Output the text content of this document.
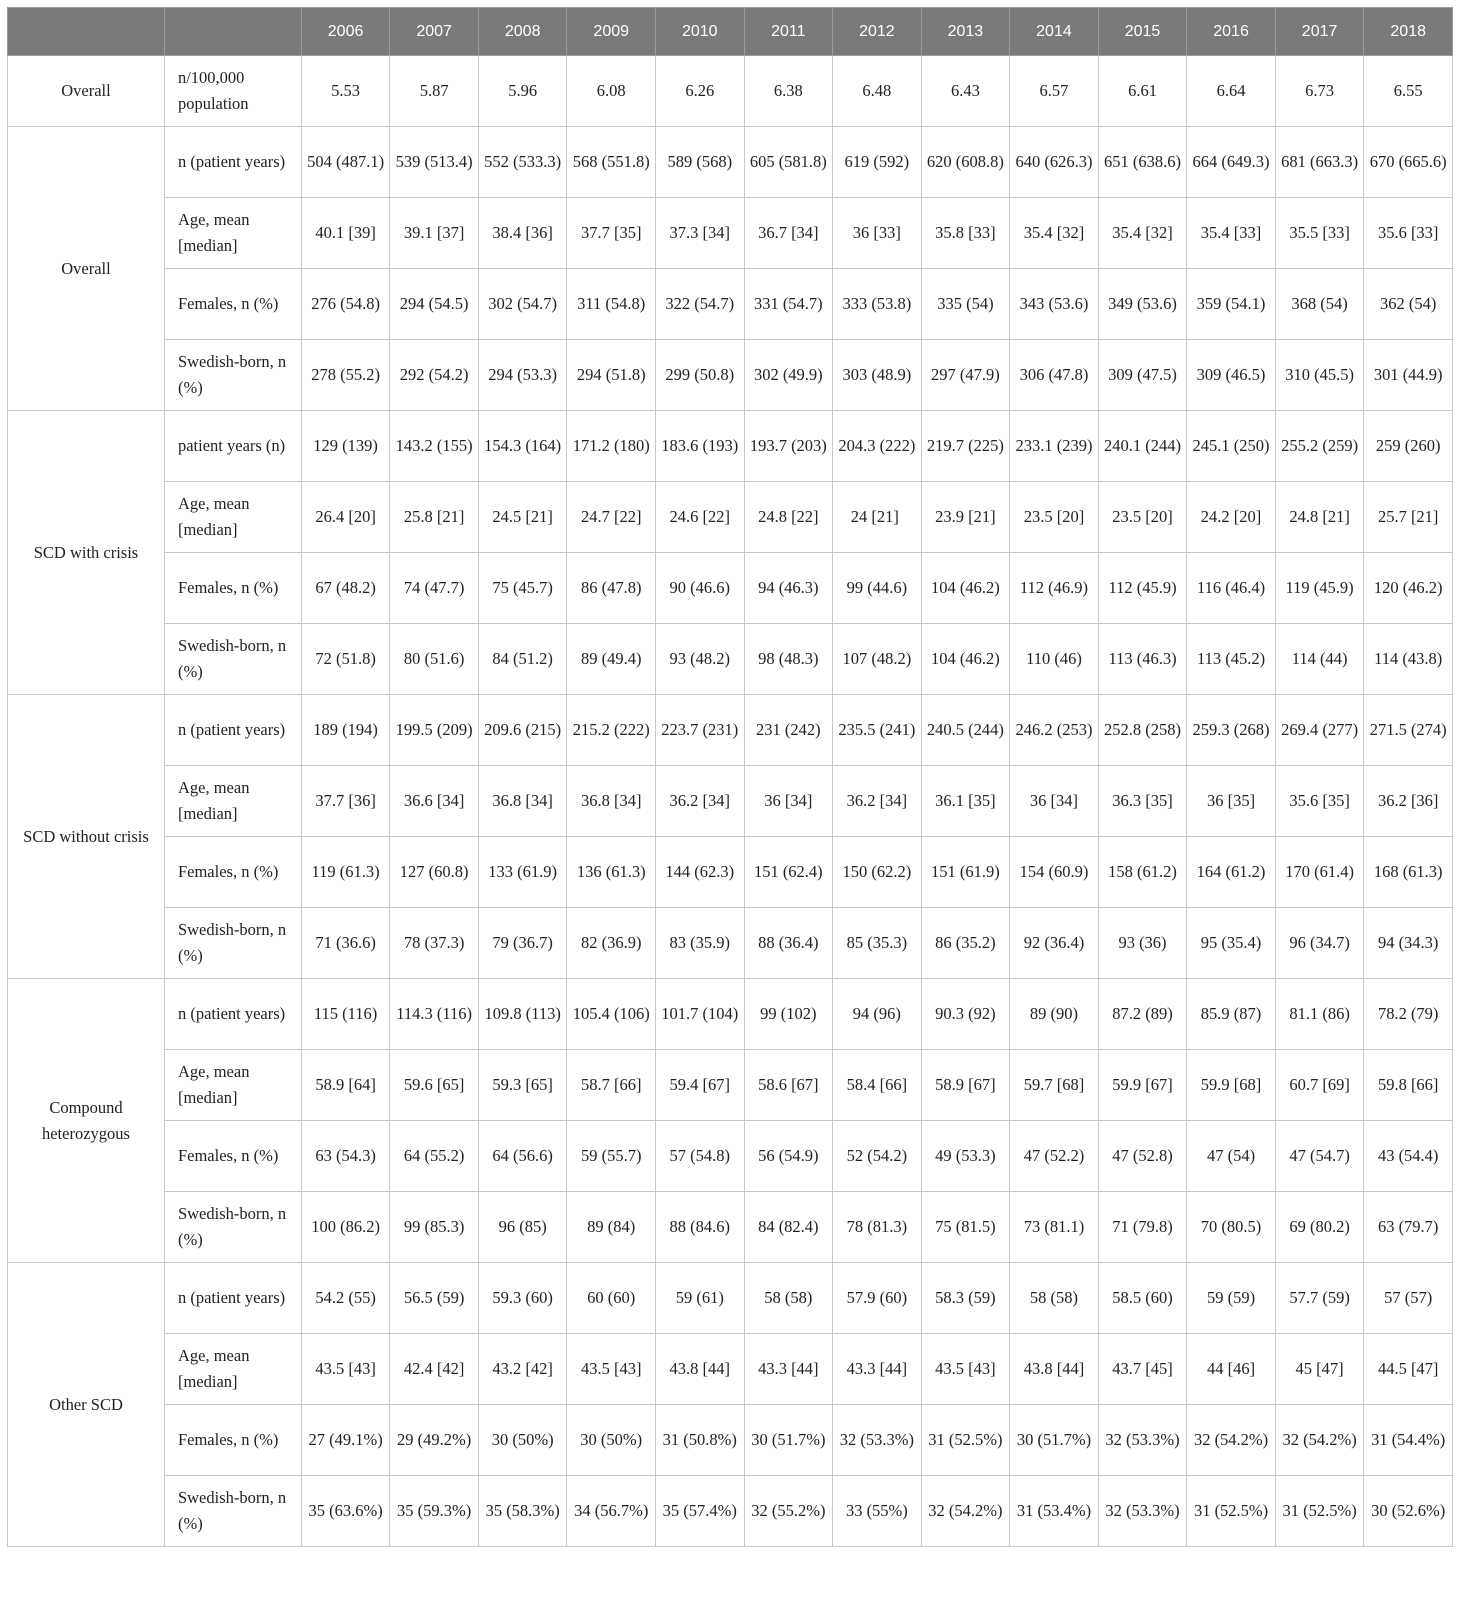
		2006	2007	2008	2009	2010	2011	2012	2013	2014	2015	2016	2017	2018
Overall	n/100,000 population	5.53	5.87	5.96	6.08	6.26	6.38	6.48	6.43	6.57	6.61	6.64	6.73	6.55
Overall	n (patient years)	504 (487.1)	539 (513.4)	552 (533.3)	568 (551.8)	589 (568)	605 (581.8)	619 (592)	620 (608.8)	640 (626.3)	651 (638.6)	664 (649.3)	681 (663.3)	670 (665.6)
	Age, mean [median]	40.1 [39]	39.1 [37]	38.4 [36]	37.7 [35]	37.3 [34]	36.7 [34]	36 [33]	35.8 [33]	35.4 [32]	35.4 [32]	35.4 [33]	35.5 [33]	35.6 [33]
	Females, n (%)	276 (54.8)	294 (54.5)	302 (54.7)	311 (54.8)	322 (54.7)	331 (54.7)	333 (53.8)	335 (54)	343 (53.6)	349 (53.6)	359 (54.1)	368 (54)	362 (54)
	Swedish-born, n (%)	278 (55.2)	292 (54.2)	294 (53.3)	294 (51.8)	299 (50.8)	302 (49.9)	303 (48.9)	297 (47.9)	306 (47.8)	309 (47.5)	309 (46.5)	310 (45.5)	301 (44.9)
SCD with crisis	patient years (n)	129 (139)	143.2 (155)	154.3 (164)	171.2 (180)	183.6 (193)	193.7 (203)	204.3 (222)	219.7 (225)	233.1 (239)	240.1 (244)	245.1 (250)	255.2 (259)	259 (260)
	Age, mean [median]	26.4 [20]	25.8 [21]	24.5 [21]	24.7 [22]	24.6 [22]	24.8 [22]	24 [21]	23.9 [21]	23.5 [20]	23.5 [20]	24.2 [20]	24.8 [21]	25.7 [21]
	Females, n (%)	67 (48.2)	74 (47.7)	75 (45.7)	86 (47.8)	90 (46.6)	94 (46.3)	99 (44.6)	104 (46.2)	112 (46.9)	112 (45.9)	116 (46.4)	119 (45.9)	120 (46.2)
	Swedish-born, n (%)	72 (51.8)	80 (51.6)	84 (51.2)	89 (49.4)	93 (48.2)	98 (48.3)	107 (48.2)	104 (46.2)	110 (46)	113 (46.3)	113 (45.2)	114 (44)	114 (43.8)
SCD without crisis	n (patient years)	189 (194)	199.5 (209)	209.6 (215)	215.2 (222)	223.7 (231)	231 (242)	235.5 (241)	240.5 (244)	246.2 (253)	252.8 (258)	259.3 (268)	269.4 (277)	271.5 (274)
	Age, mean [median]	37.7 [36]	36.6 [34]	36.8 [34]	36.8 [34]	36.2 [34]	36 [34]	36.2 [34]	36.1 [35]	36 [34]	36.3 [35]	36 [35]	35.6 [35]	36.2 [36]
	Females, n (%)	119 (61.3)	127 (60.8)	133 (61.9)	136 (61.3)	144 (62.3)	151 (62.4)	150 (62.2)	151 (61.9)	154 (60.9)	158 (61.2)	164 (61.2)	170 (61.4)	168 (61.3)
	Swedish-born, n (%)	71 (36.6)	78 (37.3)	79 (36.7)	82 (36.9)	83 (35.9)	88 (36.4)	85 (35.3)	86 (35.2)	92 (36.4)	93 (36)	95 (35.4)	96 (34.7)	94 (34.3)
Compound heterozygous	n (patient years)	115 (116)	114.3 (116)	109.8 (113)	105.4 (106)	101.7 (104)	99 (102)	94 (96)	90.3 (92)	89 (90)	87.2 (89)	85.9 (87)	81.1 (86)	78.2 (79)
	Age, mean [median]	58.9 [64]	59.6 [65]	59.3 [65]	58.7 [66]	59.4 [67]	58.6 [67]	58.4 [66]	58.9 [67]	59.7 [68]	59.9 [67]	59.9 [68]	60.7 [69]	59.8 [66]
	Females, n (%)	63 (54.3)	64 (55.2)	64 (56.6)	59 (55.7)	57 (54.8)	56 (54.9)	52 (54.2)	49 (53.3)	47 (52.2)	47 (52.8)	47 (54)	47 (54.7)	43 (54.4)
	Swedish-born, n (%)	100 (86.2)	99 (85.3)	96 (85)	89 (84)	88 (84.6)	84 (82.4)	78 (81.3)	75 (81.5)	73 (81.1)	71 (79.8)	70 (80.5)	69 (80.2)	63 (79.7)
Other SCD	n (patient years)	54.2 (55)	56.5 (59)	59.3 (60)	60 (60)	59 (61)	58 (58)	57.9 (60)	58.3 (59)	58 (58)	58.5 (60)	59 (59)	57.7 (59)	57 (57)
	Age, mean [median]	43.5 [43]	42.4 [42]	43.2 [42]	43.5 [43]	43.8 [44]	43.3 [44]	43.3 [44]	43.5 [43]	43.8 [44]	43.7 [45]	44 [46]	45 [47]	44.5 [47]
	Females, n (%)	27 (49.1%)	29 (49.2%)	30 (50%)	30 (50%)	31 (50.8%)	30 (51.7%)	32 (53.3%)	31 (52.5%)	30 (51.7%)	32 (53.3%)	32 (54.2%)	32 (54.2%)	31 (54.4%)
	Swedish-born, n (%)	35 (63.6%)	35 (59.3%)	35 (58.3%)	34 (56.7%)	35 (57.4%)	32 (55.2%)	33 (55%)	32 (54.2%)	31 (53.4%)	32 (53.3%)	31 (52.5%)	31 (52.5%)	30 (52.6%)
